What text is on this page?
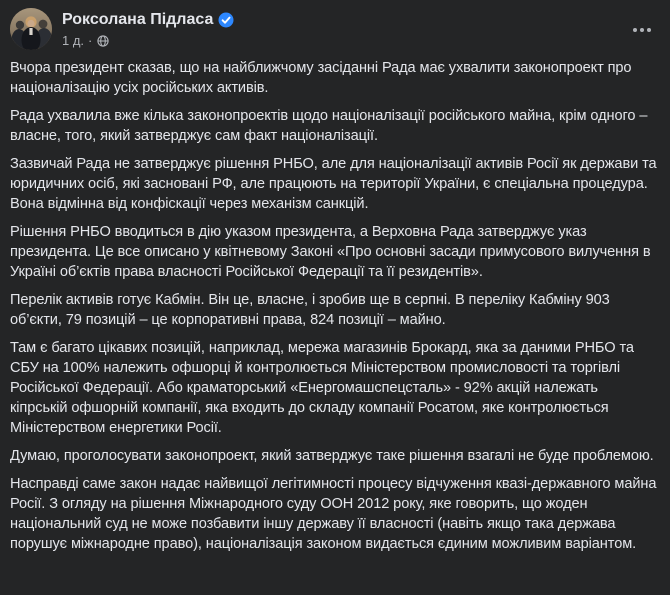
Роксолана Підласа
1 д. ·

Вчора президент сказав, що на найближчому засіданні Рада має ухвалити законопроект про націоналізацію усіх російських активів.

Рада ухвалила вже кілька законопроектів щодо націоналізації російського майна, крім одного – власне, того, який затверджує сам факт націоналізації.

Зазвичай Рада не затверджує рішення РНБО, але для націоналізації активів Росії як держави та юридичних осіб, які засновані РФ, але працюють на території України, є спеціальна процедура. Вона відмінна від конфіскації через механізм санкцій.

Рішення РНБО вводиться в дію указом президента, а Верховна Рада затверджує указ президента. Це все описано у квітневому Законі «Про основні засади примусового вилучення в Україні об’єктів права власності Російської Федерації та її резидентів».

Перелік активів готує Кабмін. Він це, власне, і зробив ще в серпні. В переліку Кабміну 903 об’єкти, 79 позицій – це корпоративні права, 824 позиції – майно.

Там є багато цікавих позицій, наприклад, мережа магазинів Брокард, яка за даними РНБО та СБУ на 100% належить офшорці й контролюється Міністерством промисловості та торгівлі Російської Федерації. Або краматорський «Енергомашспецсталь» - 92% акцій належать кіпрській офшорній компанії, яка входить до складу компанії Росатом, яке контролюється Міністерством енергетики Росії.

Думаю, проголосувати законопроект, який затверджує таке рішення взагалі не буде проблемою.

Насправді саме закон надає найвищої легітимності процесу відчуження квазі-державного майна Росії. З огляду на рішення Міжнародного суду ООН 2012 року, яке говорить, що жоден національний суд не може позбавити іншу державу її власності (навіть якщо така держава порушує міжнародне право), націоналізація законом видається єдиним можливим варіантом.
